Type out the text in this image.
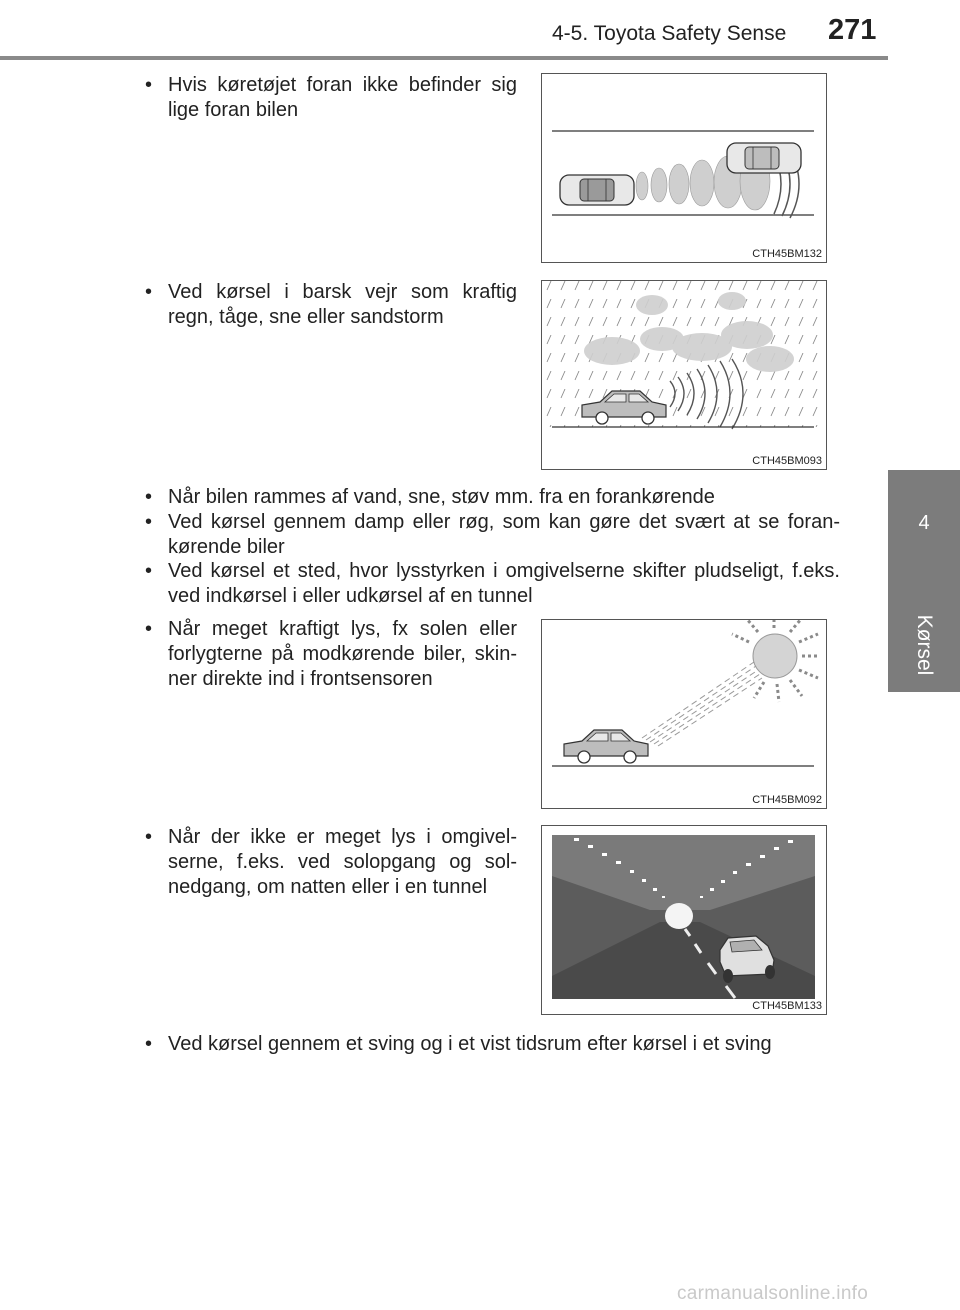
4-5. Toyota Safety Sense 271
4
Kørsel
• Hvis køretøjet foran ikke befinder sig lige foran bilen
CTH45BM132
• Ved kørsel i barsk vejr som kraftig regn, tåge, sne eller sandstorm
CTH45BM093
• Når bilen rammes af vand, sne, støv mm. fra en forankørende
• Ved kørsel gennem damp eller røg, som kan gøre det svært at se forankørende biler
• Ved kørsel et sted, hvor lysstyrken i omgivelserne skifter pludseligt, f.eks. ved indkørsel i eller udkørsel af en tunnel
• Når meget kraftigt lys, fx solen eller forlygterne på modkørende biler, skinner direkte ind i frontsensoren
CTH45BM092
• Når der ikke er meget lys i omgivelserne, f.eks. ved solopgang og solnedgang, om natten eller i en tunnel
CTH45BM133
• Ved kørsel gennem et sving og i et vist tidsrum efter kørsel i et sving
carmanualsonline.info
